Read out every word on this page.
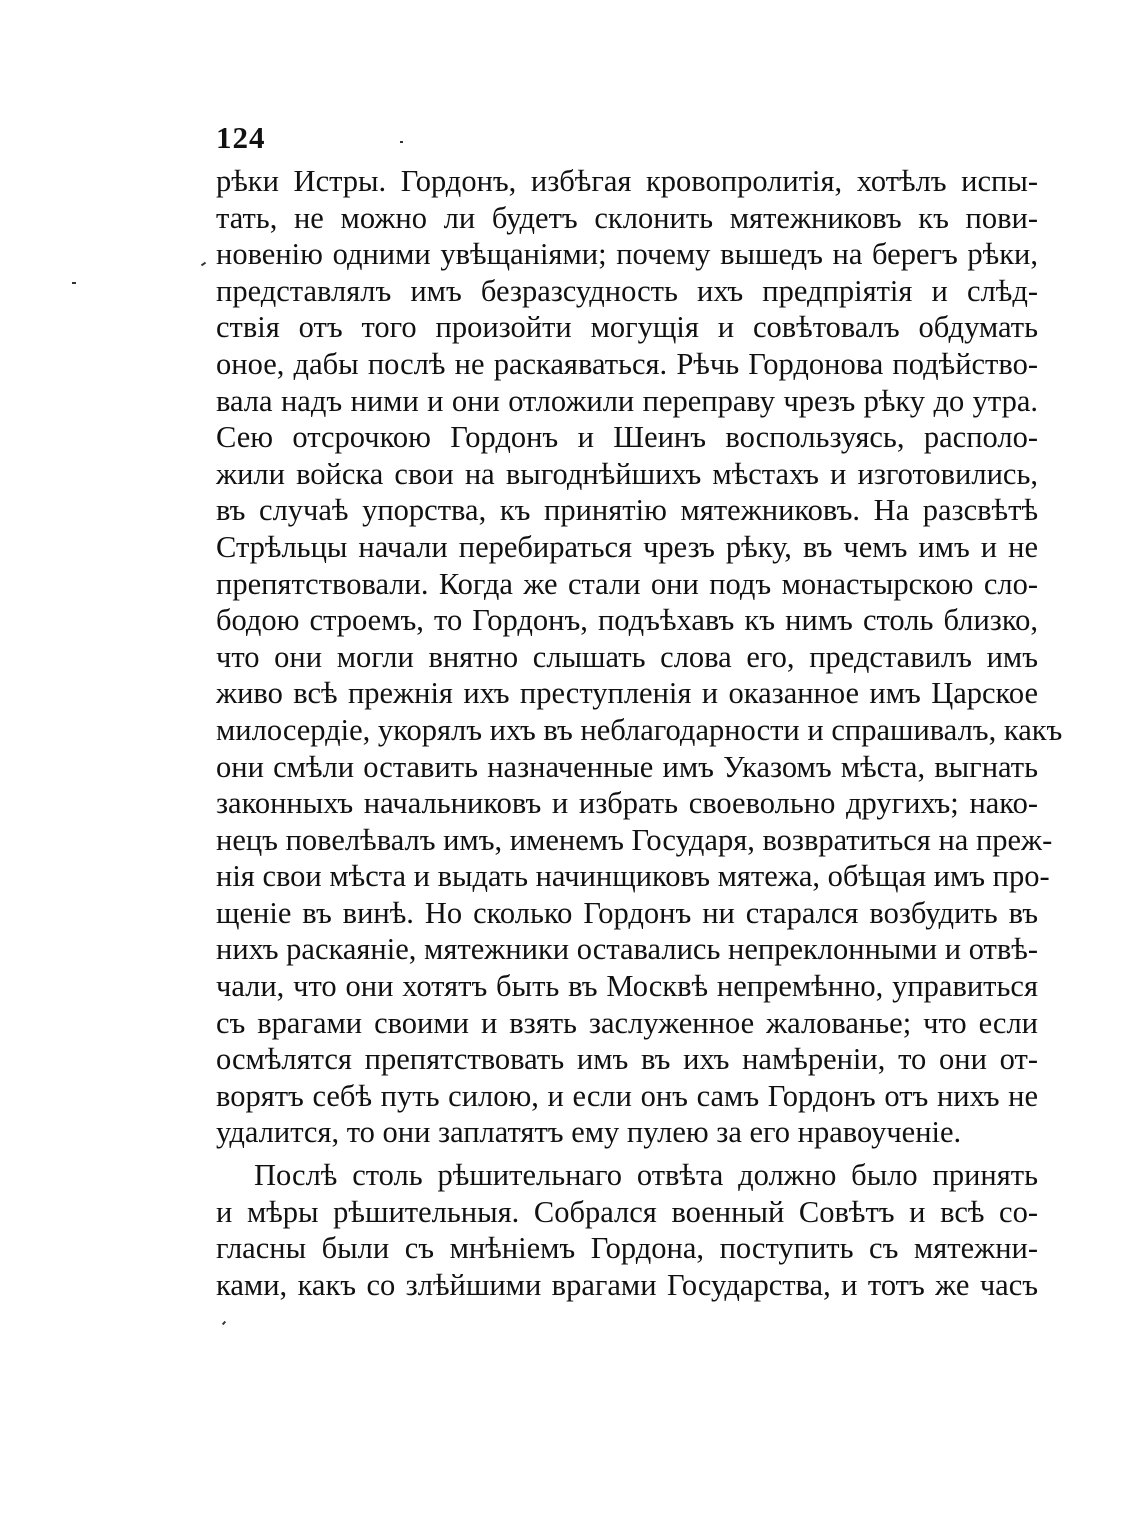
124
рѣки Истры. Гордонъ, избѣгая кровопролитія, хотѣлъ испы-
тать, не можно ли будетъ склонить мятежниковъ къ пови-
новенію одними увѣщаніями; почему вышедъ на берегъ рѣки,
представлялъ имъ безразсудность ихъ предпріятія и слѣд-
ствія отъ того произойти могущія и совѣтовалъ обдумать
оное, дабы послѣ не раскаяваться. Рѣчь Гордонова подѣйство-
вала надъ ними и они отложили переправу чрезъ рѣку до утра.
Сею отсрочкою Гордонъ и Шеинъ воспользуясь, располо-
жили войска свои на выгоднѣйшихъ мѣстахъ и изготовились,
въ случаѣ упорства, къ принятію мятежниковъ. На разсвѣтѣ
Стрѣльцы начали перебираться чрезъ рѣку, въ чемъ имъ и не
препятствовали. Когда же стали они подъ монастырскою сло-
бодою строемъ, то Гордонъ, подъѣхавъ къ нимъ столь близко,
что они могли внятно слышать слова его, представилъ имъ
живо всѣ прежнія ихъ преступленія и оказанное имъ Царское
милосердіе, укорялъ ихъ въ неблагодарности и спрашивалъ, какъ
они смѣли оставить назначенные имъ Указомъ мѣста, выгнать
законныхъ начальниковъ и избрать своевольно другихъ; нако-
нецъ повелѣвалъ имъ, именемъ Государя, возвратиться на преж-
нія свои мѣста и выдать начинщиковъ мятежа, обѣщая имъ про-
щеніе въ винѣ. Но сколько Гордонъ ни старался возбудить въ
нихъ раскаяніе, мятежники оставались непреклонными и отвѣ-
чали, что они хотятъ быть въ Москвѣ непремѣнно, управиться
съ врагами своими и взять заслуженное жалованье; что если
осмѣлятся препятствовать имъ въ ихъ намѣреніи, то они от-
ворятъ себѣ путь силою, и если онъ самъ Гордонъ отъ нихъ не
удалится, то они заплатятъ ему пулею за его нравоученіе.
Послѣ столь рѣшительнаго отвѣта должно было принять
и мѣры рѣшительныя. Собрался военный Совѣтъ и всѣ со-
гласны были съ мнѣніемъ Гордона, поступить съ мятежни-
ками, какъ со злѣйшими врагами Государства, и тотъ же часъ
